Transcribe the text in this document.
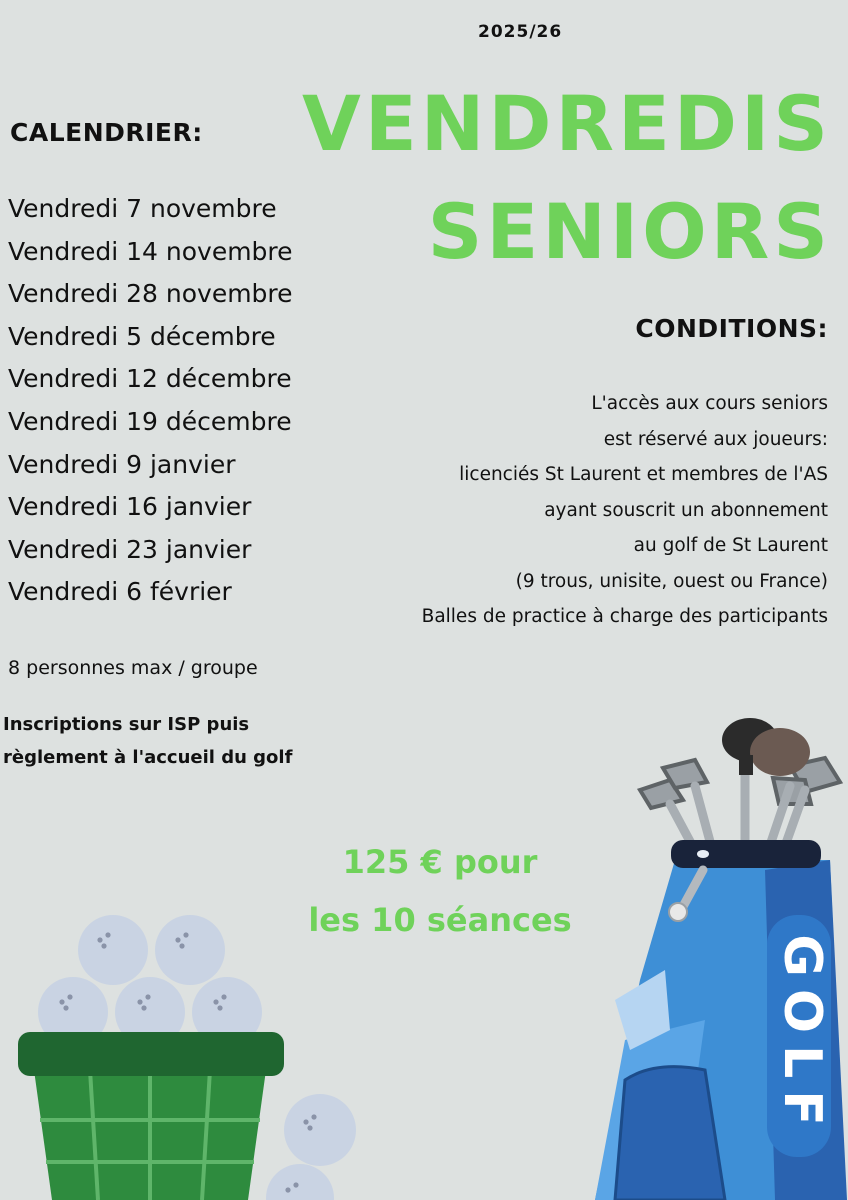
2025/26
VENDREDIS
SENIORS
CALENDRIER:
Vendredi 7 novembre
Vendredi 14 novembre
Vendredi 28 novembre
Vendredi 5 décembre
Vendredi 12 décembre
Vendredi 19 décembre
Vendredi 9 janvier
Vendredi 16 janvier
Vendredi 23 janvier
Vendredi 6 février
CONDITIONS:
L'accès aux cours seniors
est réservé aux joueurs:
licenciés St Laurent et membres de l'AS
ayant souscrit un abonnement
au golf de St Laurent
(9 trous, unisite, ouest ou France)
Balles de practice à charge des participants
8 personnes max / groupe
Inscriptions sur ISP puis
règlement à l'accueil du golf
125 € pour
les 10 séances
GOLF
